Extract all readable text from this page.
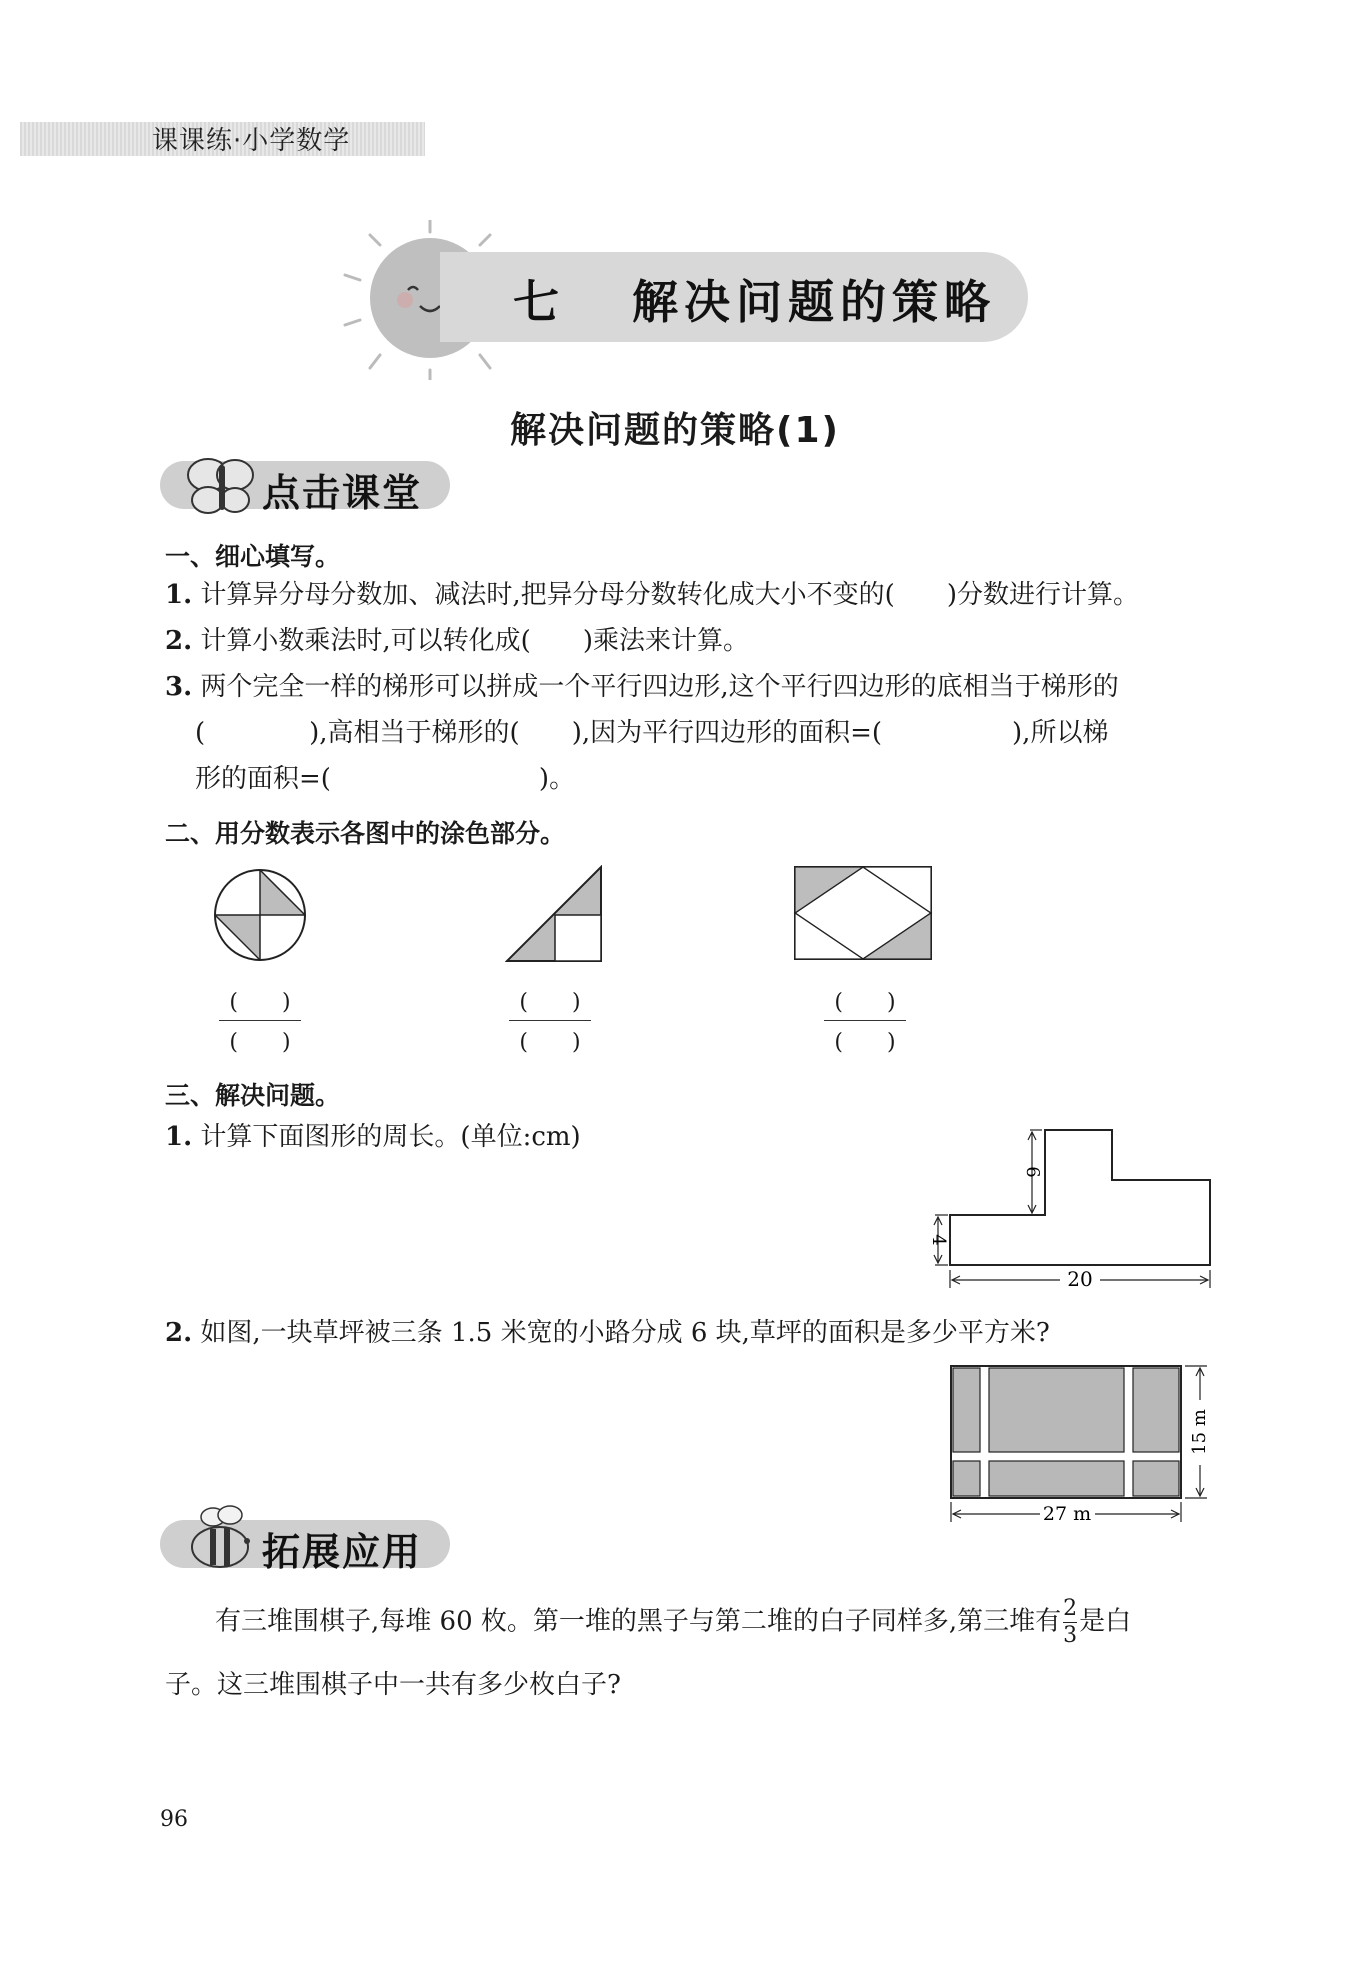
课课练·小学数学
七 解决问题的策略
解决问题的策略(1)
点击课堂
一、细心填写。
1. 计算异分母分数加、减法时,把异分母分数转化成大小不变的(　　)分数进行计算。
2. 计算小数乘法时,可以转化成(　　)乘法来计算。
3. 两个完全一样的梯形可以拼成一个平行四边形,这个平行四边形的底相当于梯形的
(　　　　),高相当于梯形的(　　),因为平行四边形的面积=(　　　　　),所以梯
形的面积=(　　　　　　　　)。
二、用分数表示各图中的涂色部分。
(　　)
(　　)
(　　)
(　　)
(　　)
(　　)
三、解决问题。
1. 计算下面图形的周长。(单位:cm)
6
4
20
2. 如图,一块草坪被三条 1.5 米宽的小路分成 6 块,草坪的面积是多少平方米?
15 m
27 m
拓展应用
有三堆围棋子,每堆 60 枚。第一堆的黑子与第二堆的白子同样多,第三堆有 $\frac{2}{3}$ 是白
子。这三堆围棋子中一共有多少枚白子?
96
